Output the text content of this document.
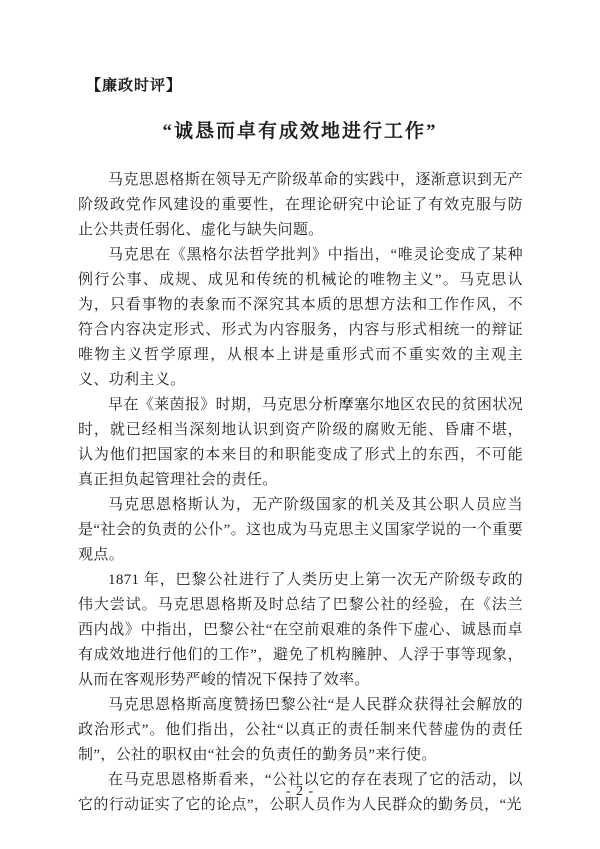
【廉政时评】
“诚恳而卓有成效地进行工作”

马克思恩格斯在领导无产阶级革命的实践中，逐渐意识到无产阶级政党作风建设的重要性，在理论研究中论证了有效克服与防止公共责任弱化、虚化与缺失问题。

马克思在《黑格尔法哲学批判》中指出，“唯灵论变成了某种例行公事、成规、成见和传统的机械论的唯物主义”。马克思认为，只看事物的表象而不深究其本质的思想方法和工作作风，不符合内容决定形式、形式为内容服务，内容与形式相统一的辩证唯物主义哲学原理，从根本上讲是重形式而不重实效的主观主义、功利主义。

早在《莱茵报》时期，马克思分析摩塞尔地区农民的贫困状况时，就已经相当深刻地认识到资产阶级的腐败无能、昏庸不堪，认为他们把国家的本来目的和职能变成了形式上的东西，不可能真正担负起管理社会的责任。

马克思恩格斯认为，无产阶级国家的机关及其公职人员应当是“社会的负责的公仆”。这也成为马克思主义国家学说的一个重要观点。

1871 年，巴黎公社进行了人类历史上第一次无产阶级专政的伟大尝试。马克思恩格斯及时总结了巴黎公社的经验，在《法兰西内战》中指出，巴黎公社“在空前艰难的条件下虚心、诚恳而卓有成效地进行他们的工作”，避免了机构臃肿、人浮于事等现象，从而在客观形势严峻的情况下保持了效率。

马克思恩格斯高度赞扬巴黎公社“是人民群众获得社会解放的政治形式”。他们指出，公社“以真正的责任制来代替虚伪的责任制”，公社的职权由“社会的负责任的勤务员”来行使。

在马克思恩格斯看来，“公社以它的存在表现了它的活动，以它的行动证实了它的论点”，公职人员作为人民群众的勤务员，“光

- 2 -
